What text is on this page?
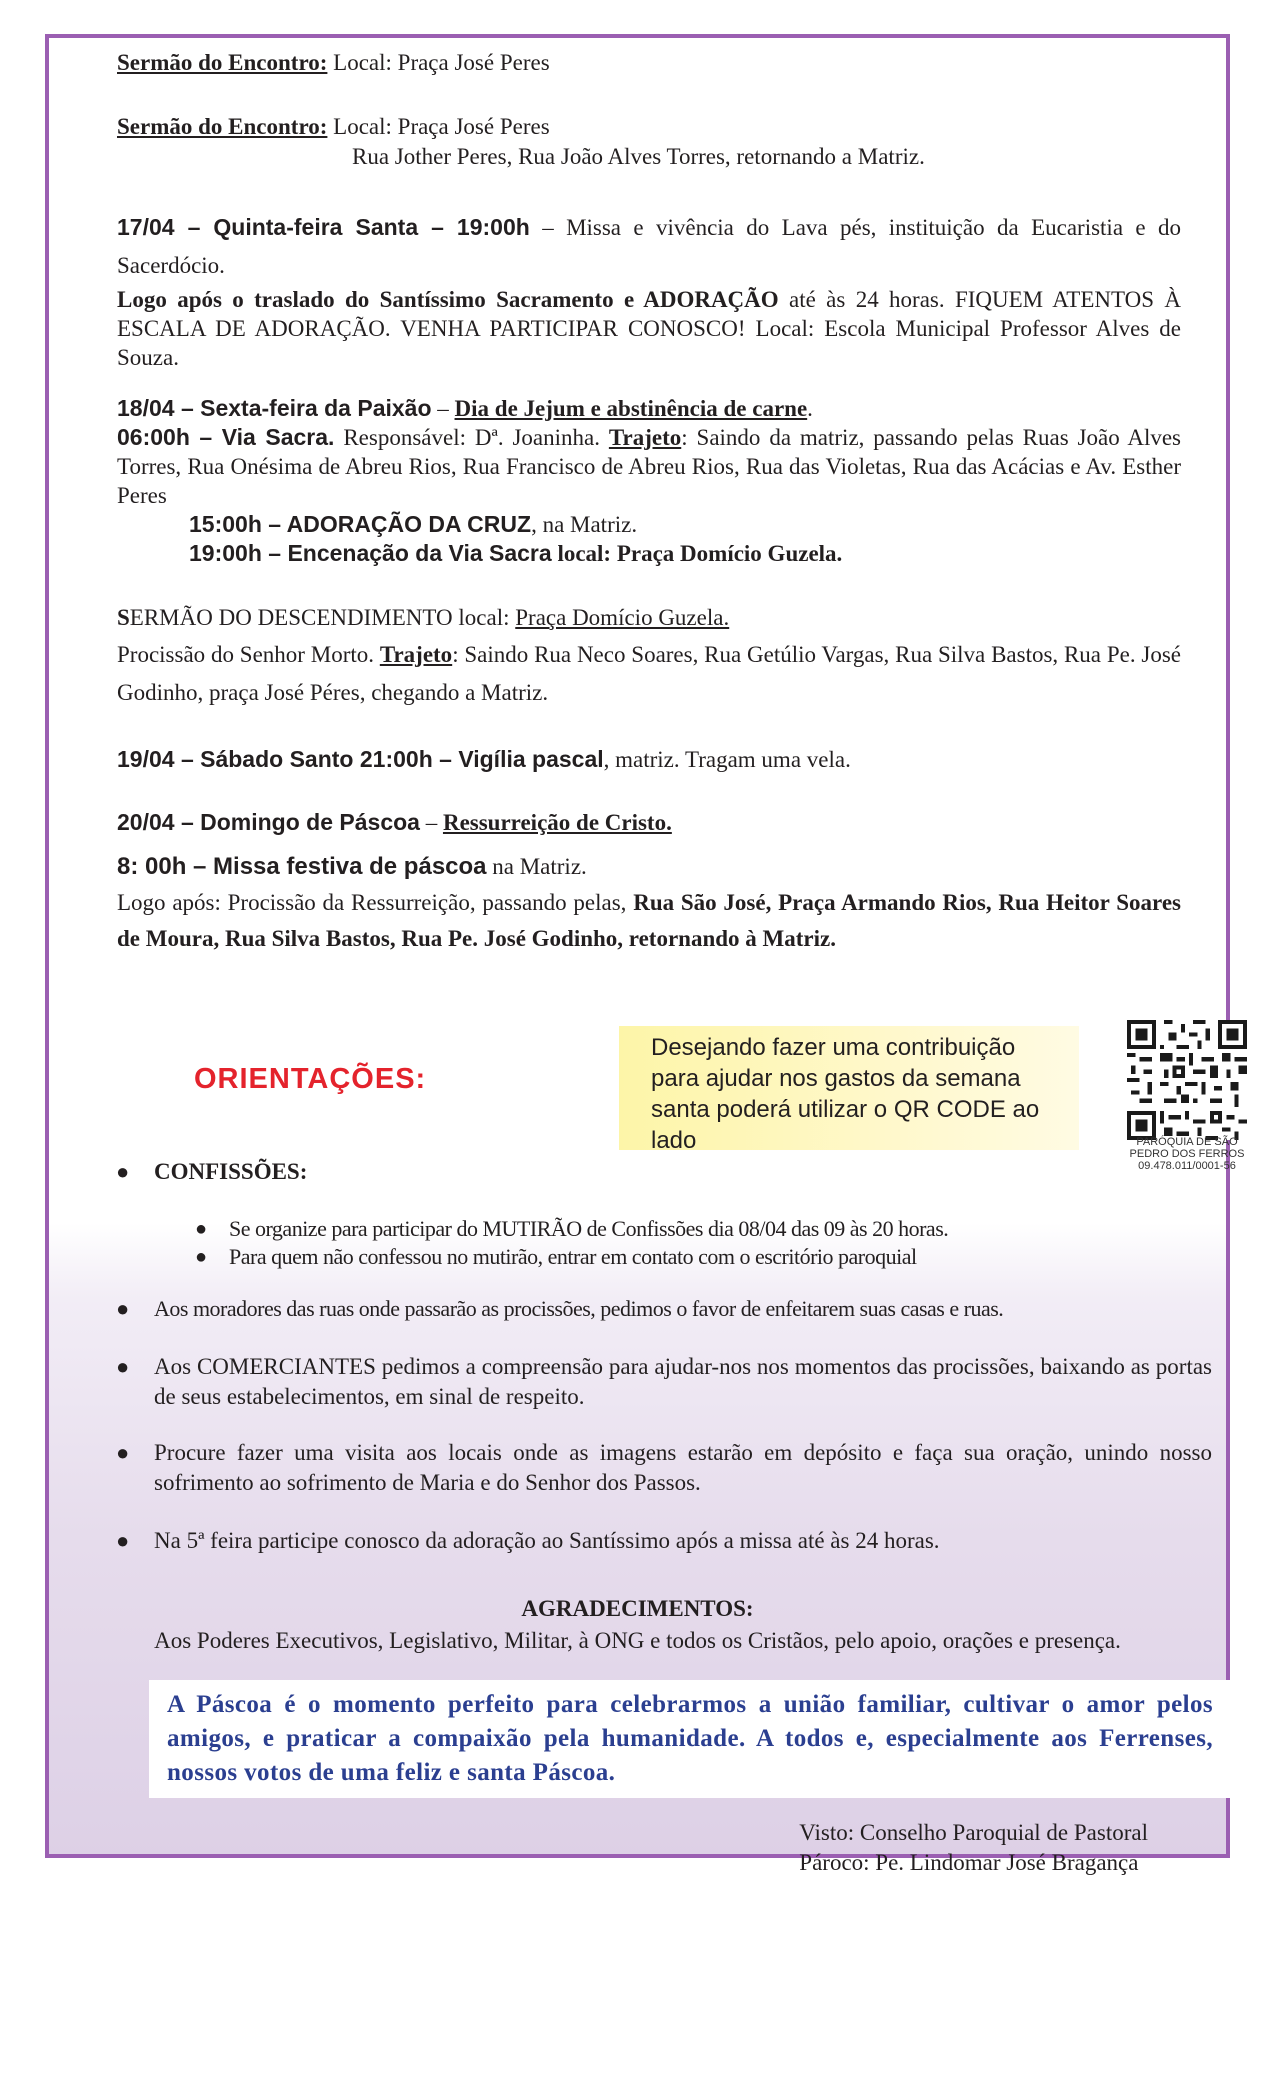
Sermão do Encontro: Local: Praça José Peres
Sermão do Encontro: Local: Praça José Peres
Rua Jother Peres, Rua João Alves Torres, retornando a Matriz.
17/04 – Quinta-feira Santa – 19:00h – Missa e vivência do Lava pés, instituição da Eucaristia e do Sacerdócio.
Logo após o traslado do Santíssimo Sacramento e ADORAÇÃO até às 24 horas. FIQUEM ATENTOS À ESCALA DE ADORAÇÃO. VENHA PARTICIPAR CONOSCO! Local: Escola Municipal Professor Alves de Souza.
18/04 – Sexta-feira da Paixão – Dia de Jejum e abstinência de carne.
06:00h – Via Sacra. Responsável: Dª. Joaninha. Trajeto: Saindo da matriz, passando pelas Ruas João Alves Torres, Rua Onésima de Abreu Rios, Rua Francisco de Abreu Rios, Rua das Violetas, Rua das Acácias e Av. Esther Peres
15:00h – ADORAÇÃO DA CRUZ, na Matriz.
19:00h – Encenação da Via Sacra local: Praça Domício Guzela.
SERMÃO DO DESCENDIMENTO local: Praça Domício Guzela.
Procissão do Senhor Morto. Trajeto: Saindo Rua Neco Soares, Rua Getúlio Vargas, Rua Silva Bastos, Rua Pe. José Godinho, praça José Péres, chegando a Matriz.
19/04 – Sábado Santo 21:00h – Vigília pascal, matriz. Tragam uma vela.
20/04 – Domingo de Páscoa – Ressurreição de Cristo.
8: 00h – Missa festiva de páscoa na Matriz.
Logo após: Procissão da Ressurreição, passando pelas, Rua São José, Praça Armando Rios, Rua Heitor Soares de Moura, Rua Silva Bastos, Rua Pe. José Godinho, retornando à Matriz.
ORIENTAÇÕES:
Desejando fazer uma contribuição para ajudar nos gastos da semana santa poderá utilizar o QR CODE ao lado	PARÓQUIA DE SÃO
PEDRO DOS FERROS
09.478.011/0001-56
● CONFISSÕES:
● Se organize para participar do MUTIRÃO de Confissões dia 08/04 das 09 às 20 horas.
● Para quem não confessou no mutirão, entrar em contato com o escritório paroquial
● Aos moradores das ruas onde passarão as procissões, pedimos o favor de enfeitarem suas casas e ruas.
● Aos COMERCIANTES pedimos a compreensão para ajudar-nos nos momentos das procissões, baixando as portas de seus estabelecimentos, em sinal de respeito.
● Procure fazer uma visita aos locais onde as imagens estarão em depósito e faça sua oração, unindo nosso sofrimento ao sofrimento de Maria e do Senhor dos Passos.
● Na 5ª feira participe conosco da adoração ao Santíssimo após a missa até às 24 horas.
AGRADECIMENTOS:
Aos Poderes Executivos, Legislativo, Militar, à ONG e todos os Cristãos, pelo apoio, orações e presença.
A Páscoa é o momento perfeito para celebrarmos a união familiar, cultivar o amor pelos amigos, e praticar a compaixão pela humanidade. A todos e, especialmente aos Ferrenses, nossos votos de uma feliz e santa Páscoa.
Visto: Conselho Paroquial de Pastoral
Pároco: Pe. Lindomar José Bragança
